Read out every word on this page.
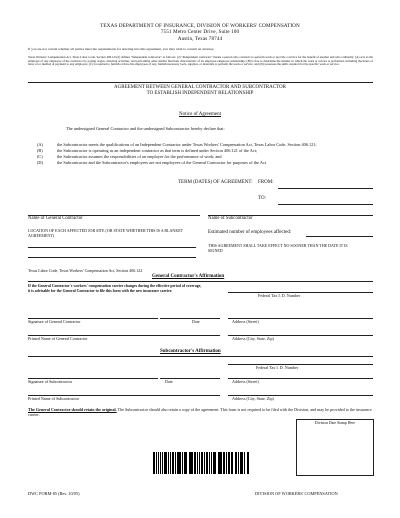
TEXAS DEPARTMENT OF INSURANCE, DIVISION OF WORKERS' COMPENSATION
7551 Metro Center Drive, Suite 100
Austin, Texas 78744
If you are not certain whether all parties meet the requirements for entering into this agreement, you may wish to consult an attorney.
Texas Workers' Compensation Act, Texas Labor Code, Section 406.121(2) defines "independent contractor" as follows: (2) "Independent contractor" means a person who contracts to perform work or provide a service for the benefit of another and who ordinarily: (A) acts as the employer of any employee of the contractor by paying wages, directing activities, and performing other similar functions characteristic of an employer-employee relationship; (B) is free to determine the manner in which the work or service is performed, including the hours of labor of or method of payment to any employee; (C) is required to furnish or have his employees, if any, furnish necessary tools, supplies, or materials to perform the work or service; and (D) possesses the skills required for the specific work or service.
AGREEMENT BETWEEN GENERAL CONTRACTOR AND SUBCONTRACTOR
TO ESTABLISH INDEPENDENT RELATIONSHIP
Notice of Agreement
The undersigned General Contractor and the undersigned Subcontractor hereby declare that:
(A)	the Subcontractor meets the qualifications of an Independent Contractor under Texas Workers' Compensation Act, Texas Labor Code, Section 406.121;
(B)	the Subcontractor is operating as an independent contractor as that term is defined under Section 406.121 of the Act;
(C)	the Subcontractor assumes the responsibilities of an employer for the performance of work; and
(D)	the Subcontractor and the Subcontractor's employees are not employees of the General Contractor for purposes of the Act.
TERM (DATES) OF AGREEMENT: FROM:
TO:
Name of General Contractor	Name of Subcontractor
LOCATION OF EACH AFFECTED JOB SITE (OR STATE WHETHER THIS IS A BLANKET AGREEMENT)
Estimated number of employees affected:
THIS AGREEMENT SHALL TAKE EFFECT NO SOONER THAN THE DATE IT IS SIGNED
Texas Labor Code, Texas Workers' Compensation Act, Section 406.122
General Contractor's Affirmation
If the General Contractor's workers' compensation carrier changes during the effective period of coverage, it is advisable for the General Contractor to file this form with the new insurance carrier.
Federal Tax I. D. Number
Signature of General Contractor	Date	Address (Street)
Printed Name of General Contractor	Address (City, State, Zip)
Subcontractor's Affirmation
Federal Tax I. D. Number
Signature of Subcontractor	Date	Address (Street)
Printed Name of Subcontractor	Address (City, State, Zip)
The General Contractor should retain the original. The Subcontractor should also retain a copy of the agreement. This form is not required to be filed with the Division, and may be provided to the insurance carrier.
Division Date Stamp Here
DWC FORM-85 (Rev. 10/05)	DIVISION OF WORKERS' COMPENSATION
